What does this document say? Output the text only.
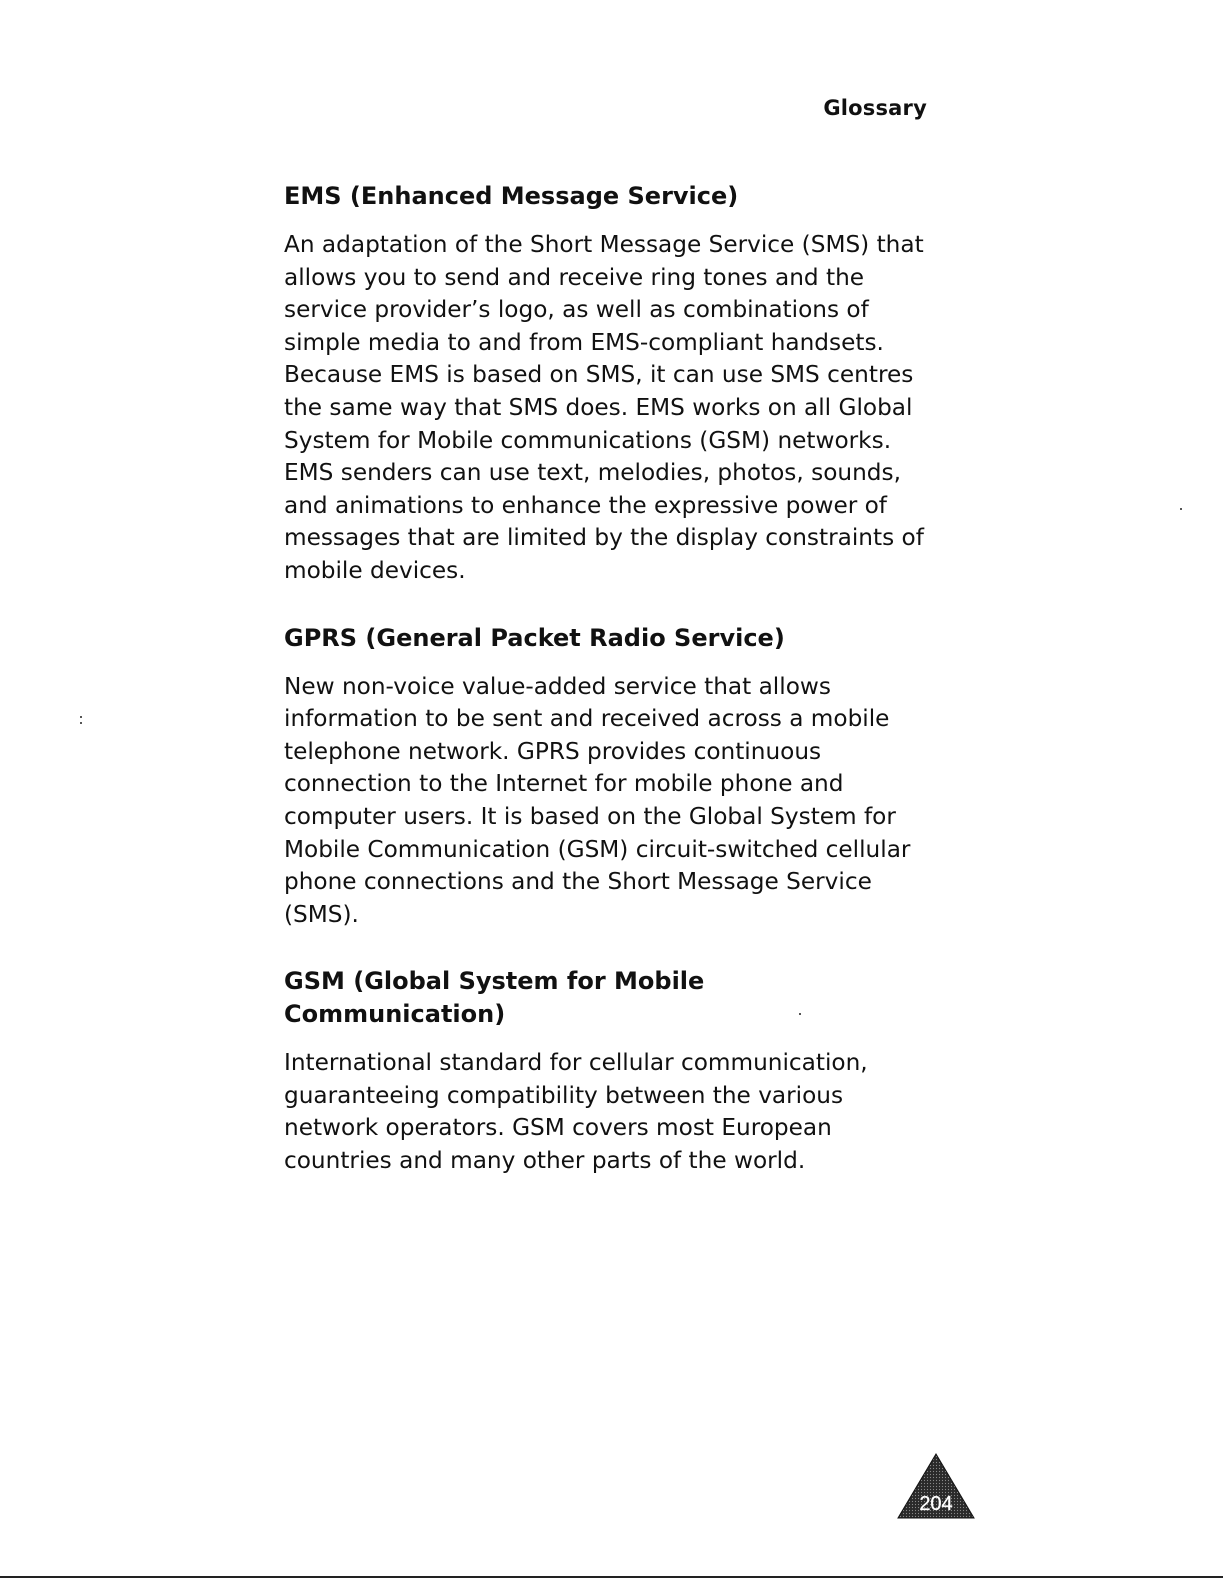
Glossary
EMS (Enhanced Message Service)

An adaptation of the Short Message Service (SMS) that allows you to send and receive ring tones and the service provider’s logo, as well as combinations of simple media to and from EMS-compliant handsets. Because EMS is based on SMS, it can use SMS centres the same way that SMS does. EMS works on all Global System for Mobile communications (GSM) networks. EMS senders can use text, melodies, photos, sounds, and animations to enhance the expressive power of messages that are limited by the display constraints of mobile devices.

GPRS (General Packet Radio Service)

New non-voice value-added service that allows information to be sent and received across a mobile telephone network. GPRS provides continuous connection to the Internet for mobile phone and computer users. It is based on the Global System for Mobile Communication (GSM) circuit-switched cellular phone connections and the Short Message Service (SMS).

GSM (Global System for Mobile Communication)

International standard for cellular communication, guaranteeing compatibility between the various network operators. GSM covers most European countries and many other parts of the world.

204
